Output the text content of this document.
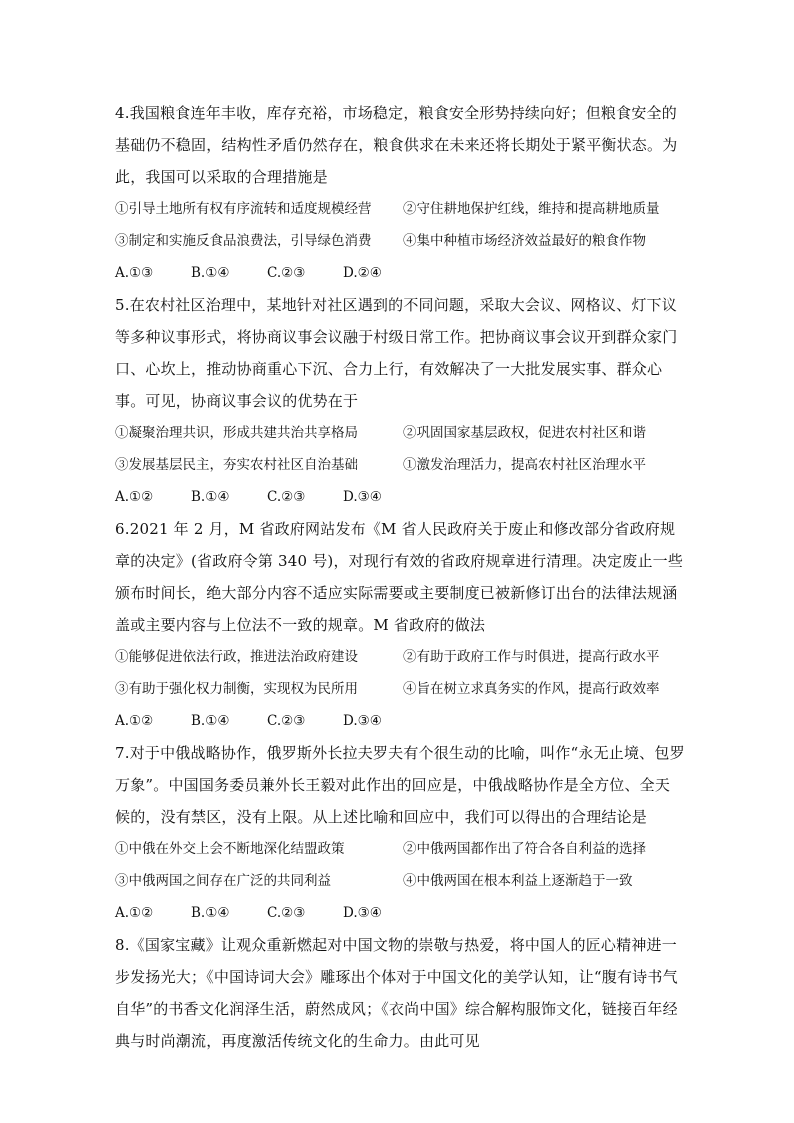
4.我国粮食连年丰收，库存充裕，市场稳定，粮食安全形势持续向好；但粮食安全的基础仍不稳固，结构性矛盾仍然存在，粮食供求在未来还将长期处于紧平衡状态。为此，我国可以采取的合理措施是

①引导土地所有权有序流转和适度规模经营	②守住耕地保护红线，维持和提高耕地质量
③制定和实施反食品浪费法，引导绿色消费	④集中种植市场经济效益最好的粮食作物
A.①③	B.①④	C.②③	D.②④

5.在农村社区治理中，某地针对社区遇到的不同问题，采取大会议、网格议、灯下议等多种议事形式，将协商议事会议融于村级日常工作。把协商议事会议开到群众家门口、心坎上，推动协商重心下沉、合力上行，有效解决了一大批发展实事、群众心事。可见，协商议事会议的优势在于

①凝聚治理共识，形成共建共治共享格局	②巩固国家基层政权，促进农村社区和谐
③发展基层民主，夯实农村社区自治基础	①激发治理活力，提高农村社区治理水平
A.①②	B.①④	C.②③	D.③④

6.2021 年 2 月，M 省政府网站发布《M 省人民政府关于废止和修改部分省政府规章的决定》(省政府令第 340 号)，对现行有效的省政府规章进行清理。决定废止一些颁布时间长，绝大部分内容不适应实际需要或主要制度已被新修订出台的法律法规涵盖或主要内容与上位法不一致的规章。M 省政府的做法

①能够促进依法行政，推进法治政府建设	②有助于政府工作与时俱进，提高行政水平
③有助于强化权力制衡，实现权为民所用	④旨在树立求真务实的作风，提高行政效率
A.①②	B.①④	C.②③	D.③④

7.对于中俄战略协作，俄罗斯外长拉夫罗夫有个很生动的比喻，叫作“永无止境、包罗万象”。中国国务委员兼外长王毅对此作出的回应是，中俄战略协作是全方位、全天候的，没有禁区，没有上限。从上述比喻和回应中，我们可以得出的合理结论是

①中俄在外交上会不断地深化结盟政策	②中俄两国都作出了符合各自利益的选择
③中俄两国之间存在广泛的共同利益	④中俄两国在根本利益上逐渐趋于一致
A.①②	B.①④	C.②③	D.③④

8.《国家宝藏》让观众重新燃起对中国文物的崇敬与热爱，将中国人的匠心精神进一步发扬光大；《中国诗词大会》雕琢出个体对于中国文化的美学认知，让“腹有诗书气自华”的书香文化润泽生活，蔚然成风；《衣尚中国》综合解构服饰文化，链接百年经典与时尚潮流，再度激活传统文化的生命力。由此可见
